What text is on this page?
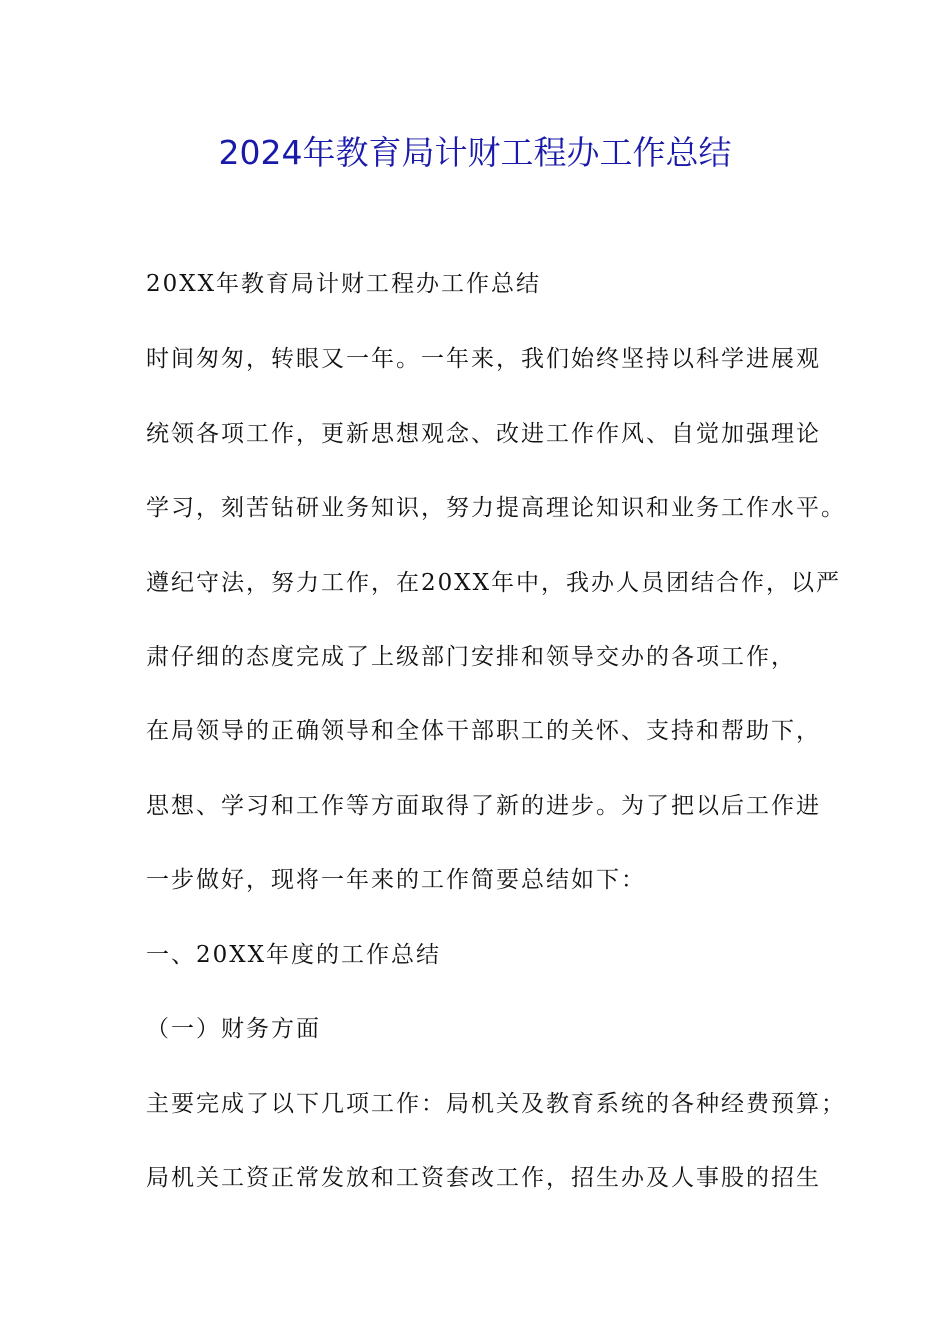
2024年教育局计财工程办工作总结
20XX年教育局计财工程办工作总结
时间匆匆，转眼又一年。一年来，我们始终坚持以科学进展观
统领各项工作，更新思想观念、改进工作作风、自觉加强理论
学习，刻苦钻研业务知识，努力提高理论知识和业务工作水平。
遵纪守法，努力工作，在20XX年中，我办人员团结合作，以严
肃仔细的态度完成了上级部门安排和领导交办的各项工作，
在局领导的正确领导和全体干部职工的关怀、支持和帮助下，
思想、学习和工作等方面取得了新的进步。为了把以后工作进
一步做好，现将一年来的工作简要总结如下：
一、20XX年度的工作总结
（一）财务方面
主要完成了以下几项工作：局机关及教育系统的各种经费预算；
局机关工资正常发放和工资套改工作，招生办及人事股的招生
